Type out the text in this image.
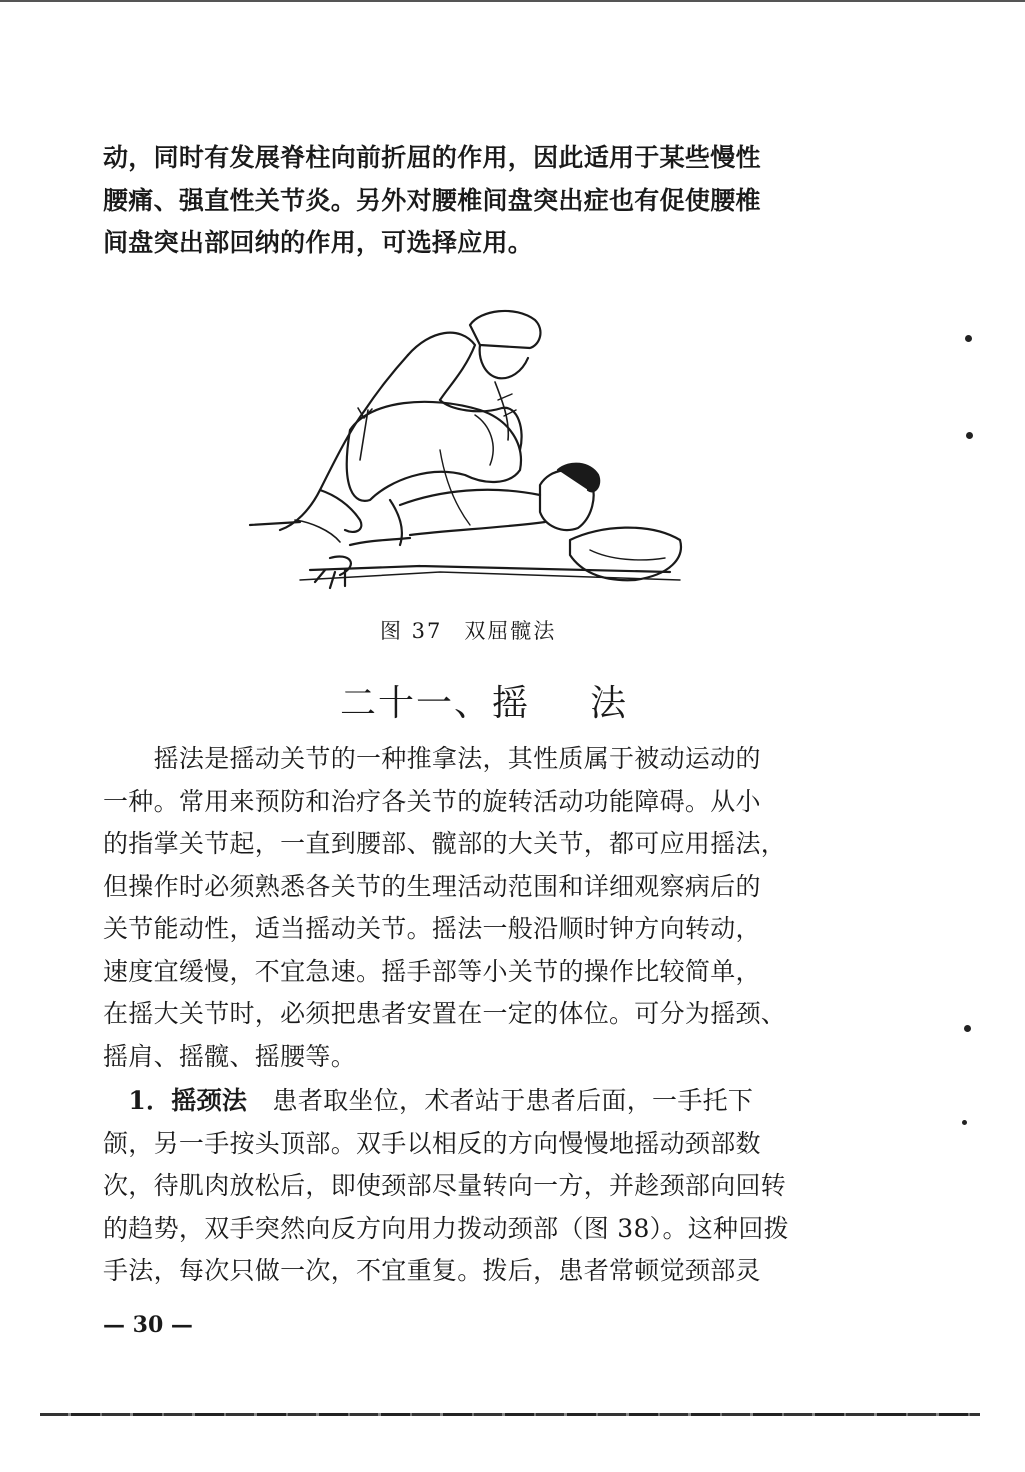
动，同时有发展脊柱向前折屈的作用，因此适用于某些慢性
腰痛、强直性关节炎。另外对腰椎间盘突出症也有促使腰椎
间盘突出部回纳的作用，可选择应用。

图 37 双屈髋法
二十一、摇 法

　　摇法是摇动关节的一种推拿法，其性质属于被动运动的
一种。常用来预防和治疗各关节的旋转活动功能障碍。从小
的指掌关节起，一直到腰部、髋部的大关节，都可应用摇法，
但操作时必须熟悉各关节的生理活动范围和详细观察病后的
关节能动性，适当摇动关节。摇法一般沿顺时钟方向转动，
速度宜缓慢，不宜急速。摇手部等小关节的操作比较简单，
在摇大关节时，必须把患者安置在一定的体位。可分为摇颈、
摇肩、摇髋、摇腰等。

　1．摇颈法　 患者取坐位，术者站于患者后面，一手托下
颌，另一手按头顶部。双手以相反的方向慢慢地摇动颈部数
次，待肌肉放松后，即使颈部尽量转向一方，并趁颈部向回转
的趋势，双手突然向反方向用力拨动颈部（图 38）。这种回拨
手法，每次只做一次，不宜重复。拨后，患者常顿觉颈部灵

— 30 —
